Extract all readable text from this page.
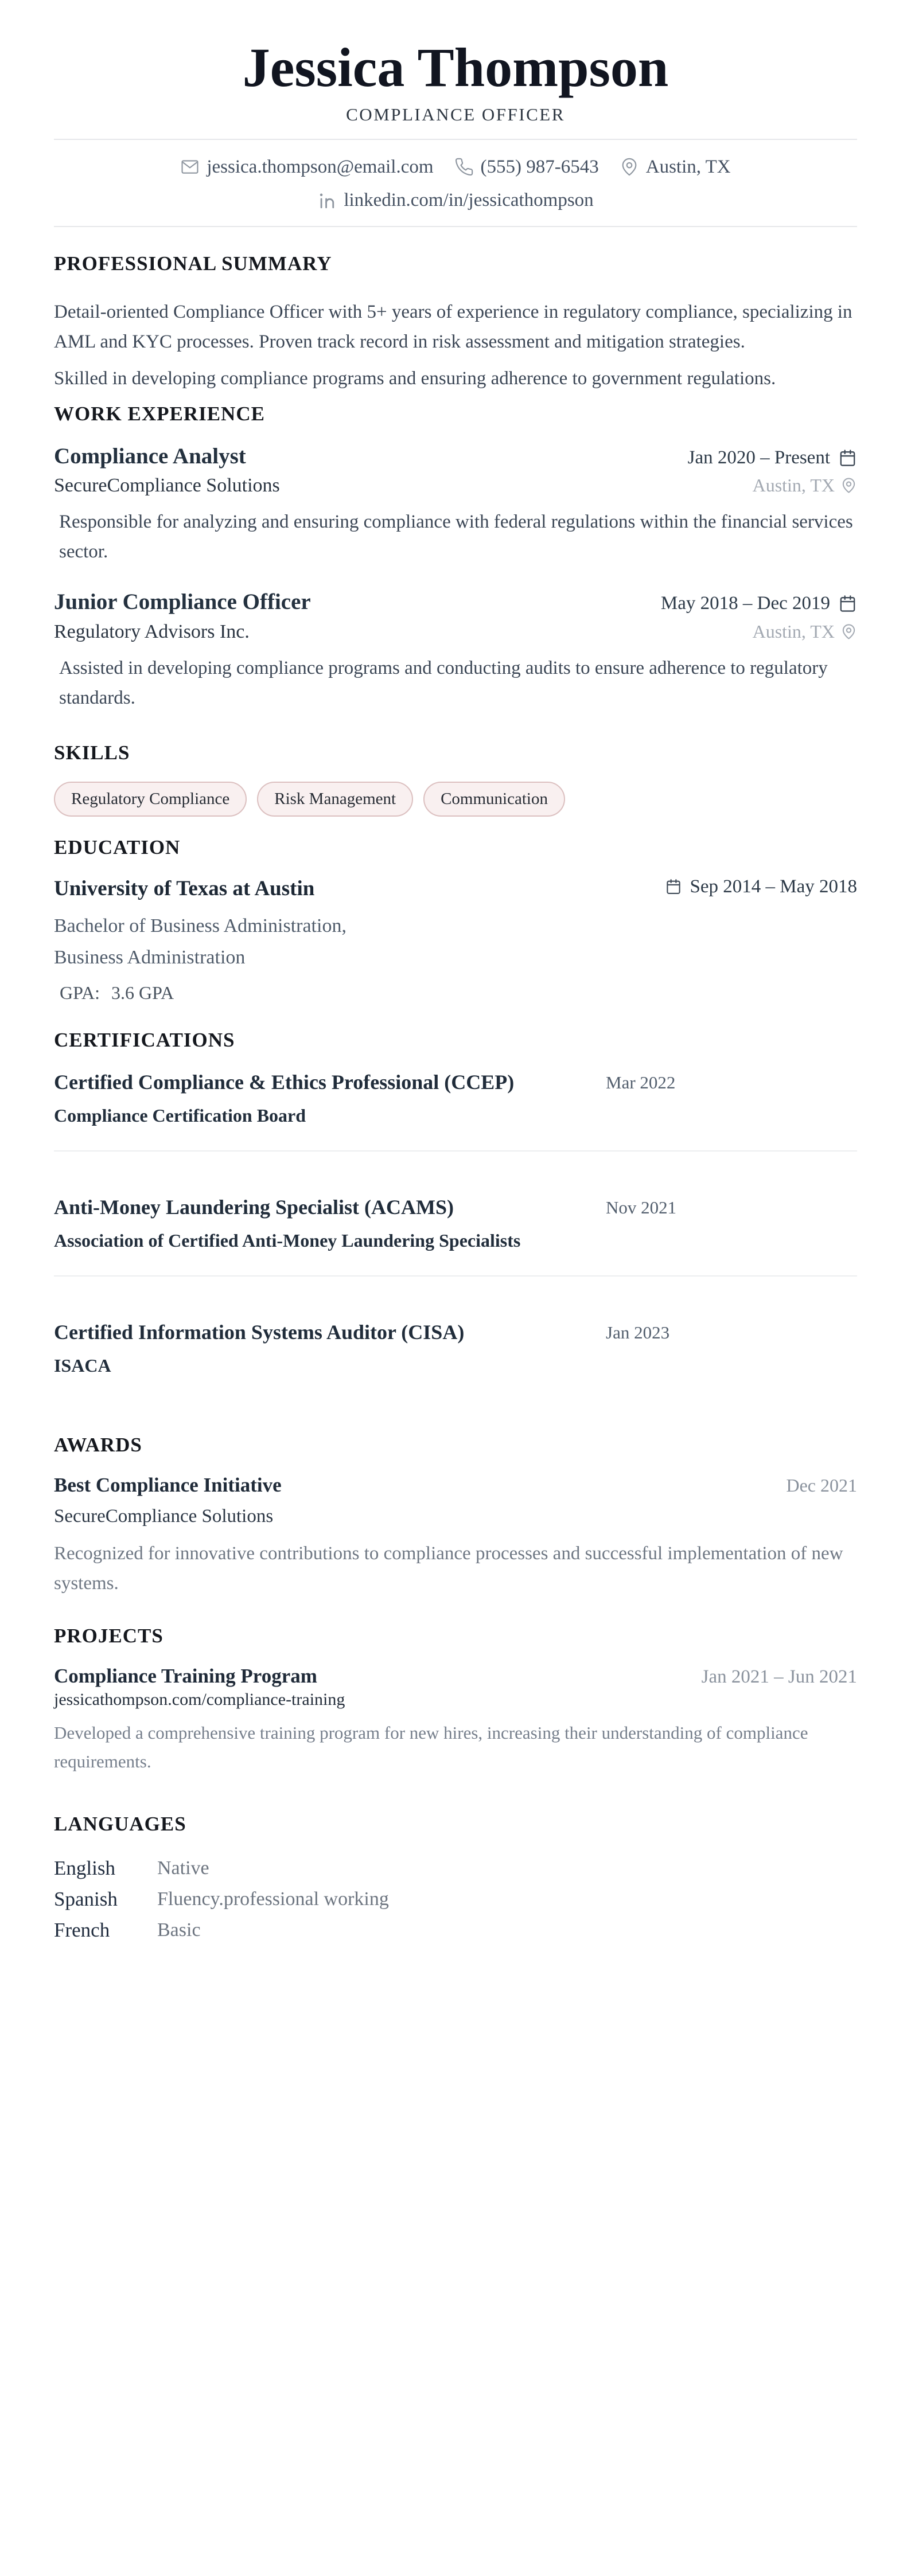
Jessica Thompson
COMPLIANCE OFFICER
jessica.thompson@email.com (555) 987-6543 Austin, TX
linkedin.com/in/jessicathompson
PROFESSIONAL SUMMARY

Detail-oriented Compliance Officer with 5+ years of experience in regulatory compliance, specializing in AML and KYC processes. Proven track record in risk assessment and mitigation strategies.

Skilled in developing compliance programs and ensuring adherence to government regulations.

WORK EXPERIENCE
Compliance Analyst	Jan 2020 – Present
SecureCompliance Solutions	Austin, TX
Responsible for analyzing and ensuring compliance with federal regulations within the financial services sector.
Junior Compliance Officer	May 2018 – Dec 2019
Regulatory Advisors Inc.	Austin, TX
Assisted in developing compliance programs and conducting audits to ensure adherence to regulatory standards.
SKILLS
Regulatory Compliance	Risk Management	Communication
EDUCATION
University of Texas at Austin	Sep 2014 – May 2018
Bachelor of Business Administration,
Business Administration
GPA: 3.6 GPA
CERTIFICATIONS
Certified Compliance & Ethics Professional (CCEP)	Mar 2022
Compliance Certification Board
Anti-Money Laundering Specialist (ACAMS)	Nov 2021
Association of Certified Anti-Money Laundering Specialists
Certified Information Systems Auditor (CISA)	Jan 2023
ISACA
AWARDS
Best Compliance Initiative	Dec 2021
SecureCompliance Solutions
Recognized for innovative contributions to compliance processes and successful implementation of new systems.
PROJECTS
Compliance Training Program	Jan 2021 – Jun 2021
jessicathompson.com/compliance-training
Developed a comprehensive training program for new hires, increasing their understanding of compliance requirements.
LANGUAGES
English	Native
Spanish	Fluency.professional working
French	Basic
